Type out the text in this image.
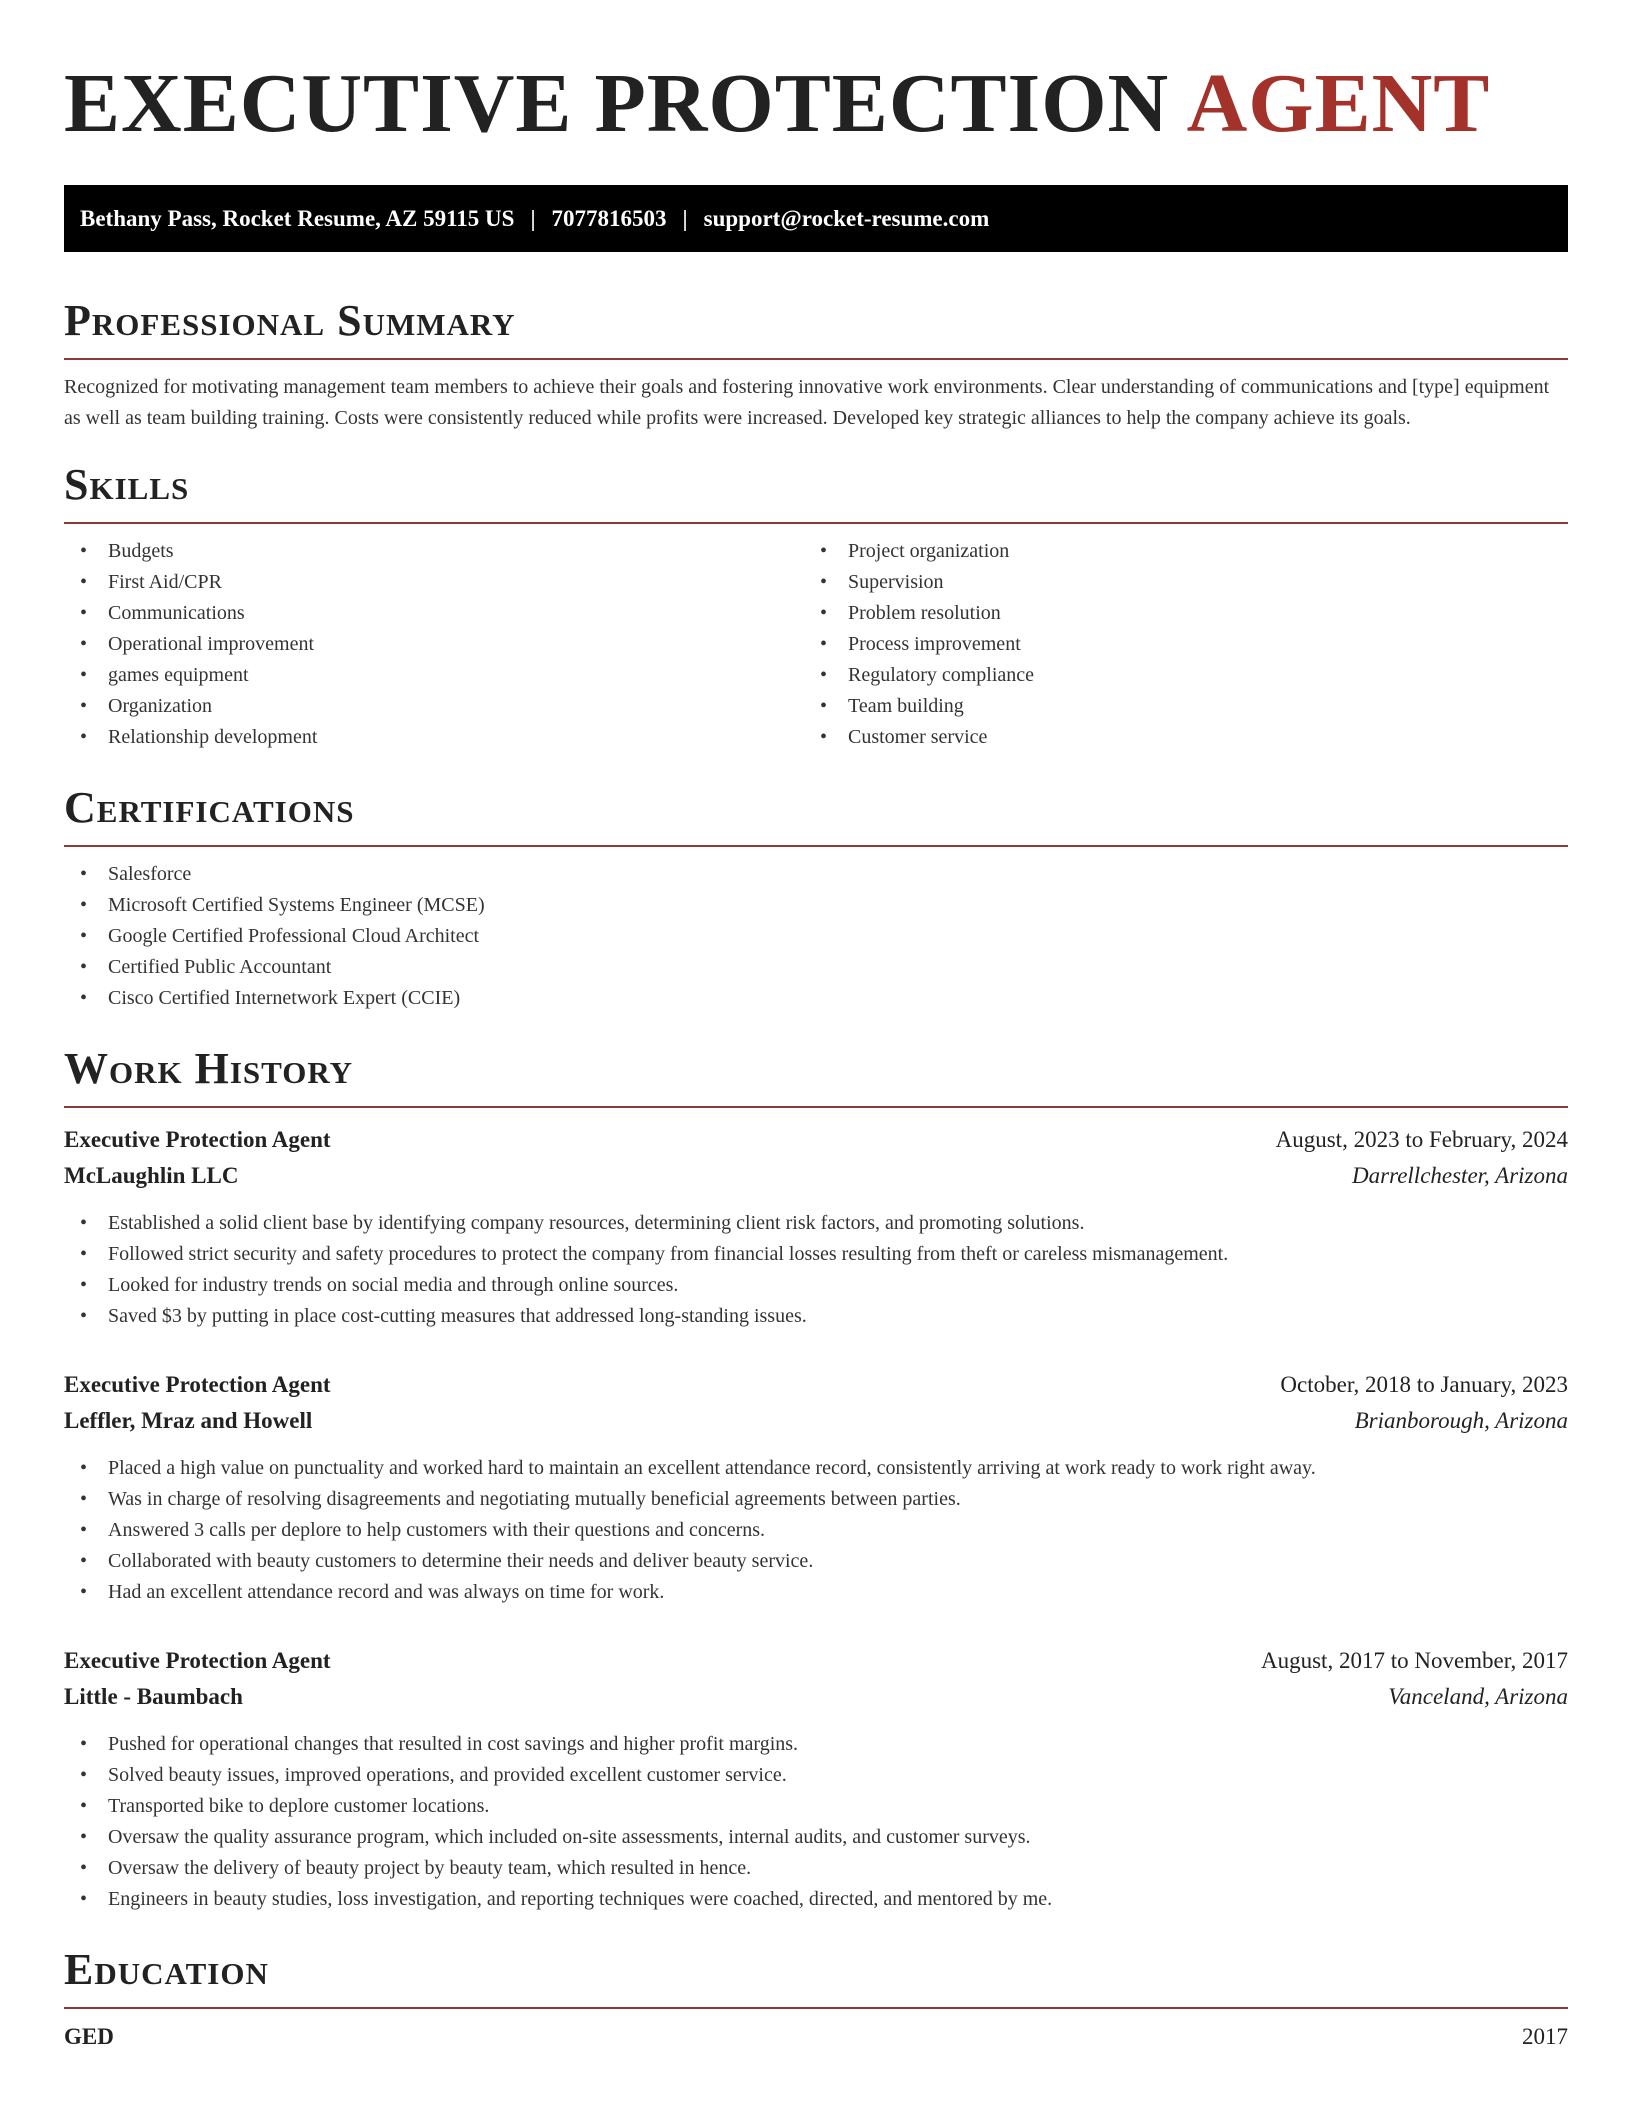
EXECUTIVE PROTECTION AGENT
Bethany Pass, Rocket Resume, AZ 59115 US | 7077816503 | support@rocket-resume.com
Professional Summary

Recognized for motivating management team members to achieve their goals and fostering innovative work environments. Clear understanding of communications and [type] equipment as well as team building training. Costs were consistently reduced while profits were increased. Developed key strategic alliances to help the company achieve its goals.

Skills
• Budgets
• First Aid/CPR
• Communications
• Operational improvement
• games equipment
• Organization
• Relationship development
• Project organization
• Supervision
• Problem resolution
• Process improvement
• Regulatory compliance
• Team building
• Customer service
Certifications
• Salesforce
• Microsoft Certified Systems Engineer (MCSE)
• Google Certified Professional Cloud Architect
• Certified Public Accountant
• Cisco Certified Internetwork Expert (CCIE)
Work History
Executive Protection Agent	August, 2023 to February, 2024
McLaughlin LLC	Darrellchester, Arizona
• Established a solid client base by identifying company resources, determining client risk factors, and promoting solutions.
• Followed strict security and safety procedures to protect the company from financial losses resulting from theft or careless mismanagement.
• Looked for industry trends on social media and through online sources.
• Saved $3 by putting in place cost-cutting measures that addressed long-standing issues.
Executive Protection Agent	October, 2018 to January, 2023
Leffler, Mraz and Howell	Brianborough, Arizona
• Placed a high value on punctuality and worked hard to maintain an excellent attendance record, consistently arriving at work ready to work right away.
• Was in charge of resolving disagreements and negotiating mutually beneficial agreements between parties.
• Answered 3 calls per deplore to help customers with their questions and concerns.
• Collaborated with beauty customers to determine their needs and deliver beauty service.
• Had an excellent attendance record and was always on time for work.
Executive Protection Agent	August, 2017 to November, 2017
Little - Baumbach	Vanceland, Arizona
• Pushed for operational changes that resulted in cost savings and higher profit margins.
• Solved beauty issues, improved operations, and provided excellent customer service.
• Transported bike to deplore customer locations.
• Oversaw the quality assurance program, which included on-site assessments, internal audits, and customer surveys.
• Oversaw the delivery of beauty project by beauty team, which resulted in hence.
• Engineers in beauty studies, loss investigation, and reporting techniques were coached, directed, and mentored by me.
Education
GED	2017
